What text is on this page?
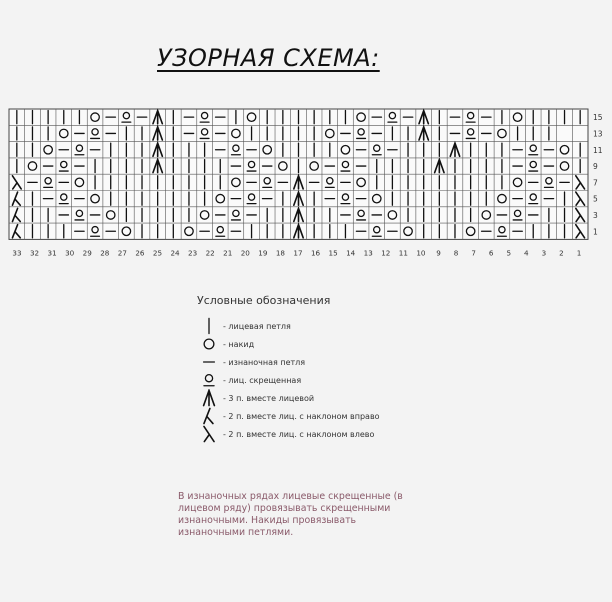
УЗОРНАЯ СХЕМА:
15
13
11
9
7
5
3
1
33 32 31 30 29 28 27 26 25 24 23 22 21 20 19 18 17 16 15 14 13 12 11 10 9 8 7 6 5 4 3 2 1
Условные обозначения
- лицевая петля
- накид
- изнаночная петля
- лиц. скрещенная
- 3 п. вместе лицевой
- 2 п. вместе лиц. с наклоном вправо
- 2 п. вместе лиц. с наклоном влево
В изнаночных рядах лицевые скрещенные (в лицевом ряду) провязывать скрещенными изнаночными. Накиды провязывать изнаночными петлями.
